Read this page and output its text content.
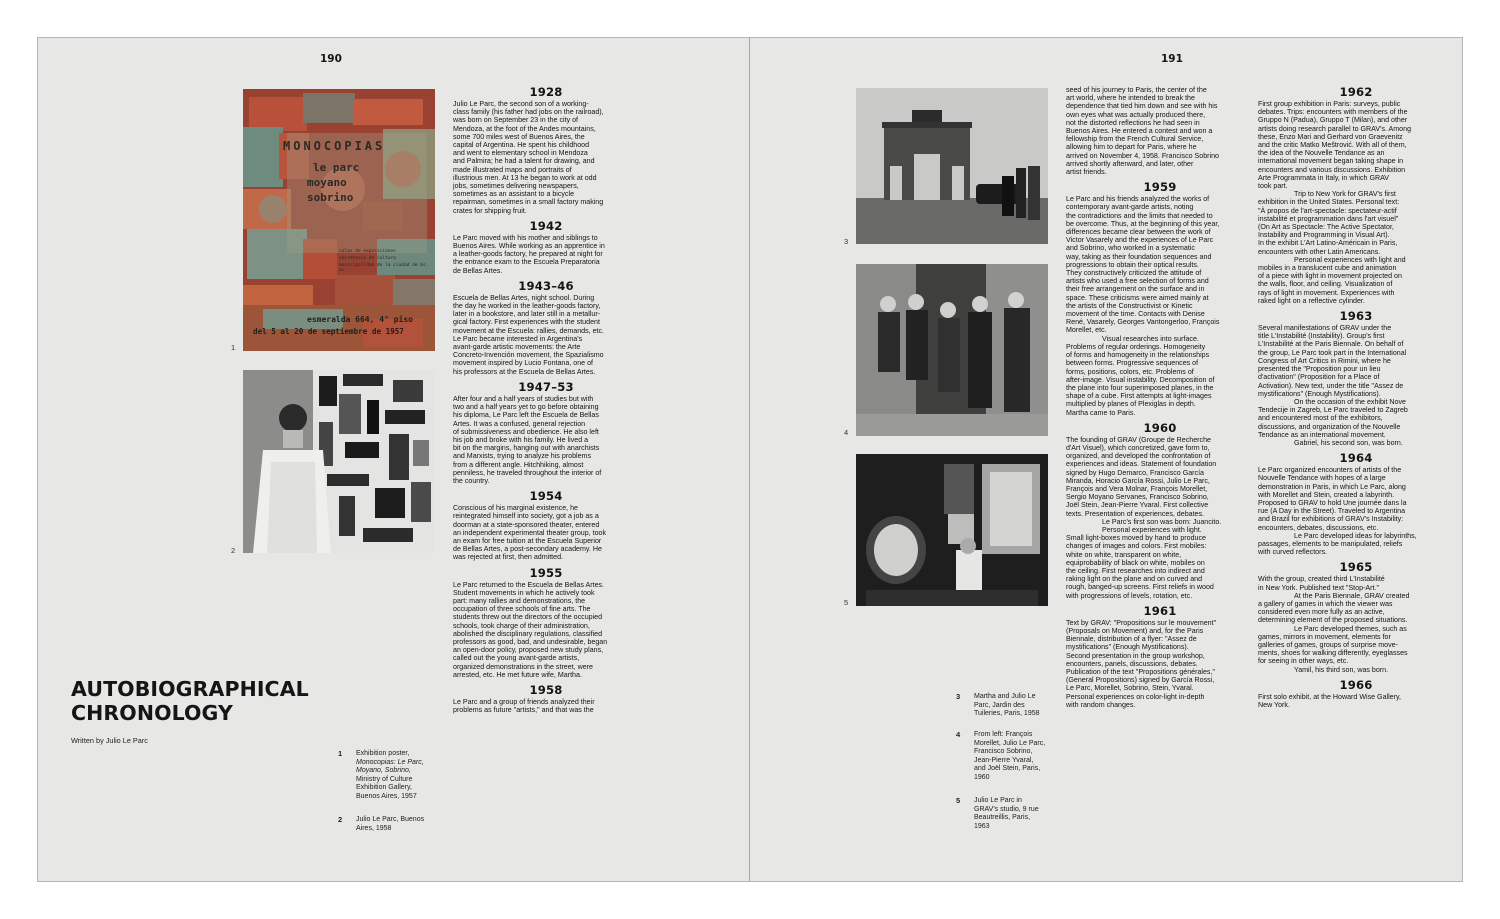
190
MONOCOPIAS
le parc
moyano
sobrino
salas de exposiciones
secretaria de cultura
municipalidad de la ciudad de bs. as.
esmeralda 664, 4° piso
del 5 al 20 de septiembre de 1957
1
2
AUTOBIOGRAPHICAL
CHRONOLOGY
Written by Julio Le Parc
1 Exhibition poster,
Monocopias: Le Parc,
Moyano, Sobrino,
Ministry of Culture
Exhibition Gallery,
Buenos Aires, 1957
2 Julio Le Parc, Buenos
Aires, 1958
1928
Julio Le Parc, the second son of a working-
class family (his father had jobs on the railroad),
was born on September 23 in the city of
Mendoza, at the foot of the Andes mountains,
some 700 miles west of Buenos Aires, the
capital of Argentina. He spent his childhood
and went to elementary school in Mendoza
and Palmira; he had a talent for drawing, and
made illustrated maps and portraits of
illustrious men. At 13 he began to work at odd
jobs, sometimes delivering newspapers,
sometimes as an assistant to a bicycle
repairman, sometimes in a small factory making
crates for shipping fruit.
1942
Le Parc moved with his mother and siblings to
Buenos Aires. While working as an apprentice in
a leather-goods factory, he prepared at night for
the entrance exam to the Escuela Preparatoria
de Bellas Artes.
1943–46
Escuela de Bellas Artes, night school. During
the day he worked in the leather-goods factory,
later in a bookstore, and later still in a metallur-
gical factory. First experiences with the student
movement at the Escuela: rallies, demands, etc.
Le Parc became interested in Argentina's
avant-garde artistic movements: the Arte
Concreto-Invención movement, the Spazialismo
movement inspired by Lucio Fontana, one of
his professors at the Escuela de Bellas Artes.
1947–53
After four and a half years of studies but with
two and a half years yet to go before obtaining
his diploma, Le Parc left the Escuela de Bellas
Artes. It was a confused, general rejection
of submissiveness and obedience. He also left
his job and broke with his family. He lived a
bit on the margins, hanging out with anarchists
and Marxists, trying to analyze his problems
from a different angle. Hitchhiking, almost
penniless, he traveled throughout the interior of
the country.
1954
Conscious of his marginal existence, he
reintegrated himself into society, got a job as a
doorman at a state-sponsored theater, entered
an independent experimental theater group, took
an exam for free tuition at the Escuela Superior
de Bellas Artes, a post-secondary academy. He
was rejected at first, then admitted.
1955
Le Parc returned to the Escuela de Bellas Artes.
Student movements in which he actively took
part: many rallies and demonstrations, the
occupation of three schools of fine arts. The
students threw out the directors of the occupied
schools, took charge of their administration,
abolished the disciplinary regulations, classified
professors as good, bad, and undesirable, began
an open-door policy, proposed new study plans,
called out the young avant-garde artists,
organized demonstrations in the street, were
arrested, etc. He met future wife, Martha.
1958
Le Parc and a group of friends analyzed their
problems as future "artists," and that was the
191
3
4
5
3 Martha and Julio Le
Parc, Jardin des
Tuileries, Paris, 1958
4 From left: François
Morellet, Julio Le Parc,
Francisco Sobrino,
Jean-Pierre Yvaral,
and Joël Stein, Paris,
1960
5 Julio Le Parc in
GRAV's studio, 9 rue
Beautreillis, Paris,
1963
seed of his journey to Paris, the center of the
art world, where he intended to break the
dependence that tied him down and see with his
own eyes what was actually produced there,
not the distorted reflections he had seen in
Buenos Aires. He entered a contest and won a
fellowship from the French Cultural Service,
allowing him to depart for Paris, where he
arrived on November 4, 1958. Francisco Sobrino
arrived shortly afterward, and later, other
artist friends.
1959
Le Parc and his friends analyzed the works of
contemporary avant-garde artists, noting
the contradictions and the limits that needed to
be overcome. Thus, at the beginning of this year,
differences became clear between the work of
Victor Vasarely and the experiences of Le Parc
and Sobrino, who worked in a systematic
way, taking as their foundation sequences and
progressions to obtain their optical results.
They constructively criticized the attitude of
artists who used a free selection of forms and
their free arrangement on the surface and in
space. These criticisms were aimed mainly at
the artists of the Constructivist or Kinetic
movement of the time. Contacts with Denise
René, Vasarely, Georges Vantongerloo, François
Morellet, etc.
Visual researches into surface.
Problems of regular orderings. Homogeneity
of forms and homogeneity in the relationships
between forms. Progressive sequences of
forms, positions, colors, etc. Problems of
after-image. Visual instability. Decomposition of
the plane into four superimposed planes, in the
shape of a cube. First attempts at light-images
multiplied by planes of Plexiglas in depth.
Martha came to Paris.
1960
The founding of GRAV (Groupe de Recherche
d'Art Visuel), which concretized, gave form to,
organized, and developed the confrontation of
experiences and ideas. Statement of foundation
signed by Hugo Demarco, Francisco García
Miranda, Horacio García Rossi, Julio Le Parc,
François and Vera Molnar, François Morellet,
Sergio Moyano Servanes, Francisco Sobrino,
Joël Stein, Jean-Pierre Yvaral. First collective
texts. Presentation of experiences, debates.
Le Parc's first son was born: Juancito.
Personal experiences with light.
Small light-boxes moved by hand to produce
changes of images and colors. First mobiles:
white on white, transparent on white,
equiprobability of black on white, mobiles on
the ceiling. First researches into indirect and
raking light on the plane and on curved and
rough, banged-up screens. First reliefs in wood
with progressions of levels, rotation, etc.
1961
Text by GRAV: "Propositions sur le mouvement"
(Proposals on Movement) and, for the Paris
Biennale, distribution of a flyer: "Assez de
mystifications" (Enough Mystifications).
Second presentation in the group workshop,
encounters, panels, discussions, debates.
Publication of the text "Propositions générales,"
(General Propositions) signed by García Rossi,
Le Parc, Morellet, Sobrino, Stein, Yvaral.
Personal experiences on color-light in-depth
with random changes.
1962
First group exhibition in Paris: surveys, public
debates. Trips: encounters with members of the
Gruppo N (Padua), Gruppo T (Milan), and other
artists doing research parallel to GRAV's. Among
these, Enzo Mari and Gerhard von Graevenitz
and the critic Matko Meštrović. With all of them,
the idea of the Nouvelle Tendance as an
international movement began taking shape in
encounters and various discussions. Exhibition
Arte Programmata in Italy, in which GRAV
took part.
Trip to New York for GRAV's first
exhibition in the United States. Personal text:
"À propos de l'art-spectacle: spectateur-actif
instabilité et programmation dans l'art visuel"
(On Art as Spectacle: The Active Spectator,
Instability and Programming in Visual Art).
In the exhibit L'Art Latino-Américain in Paris,
encounters with other Latin Americans.
Personal experiences with light and
mobiles in a translucent cube and animation
of a piece with light in movement projected on
the walls, floor, and ceiling. Visualization of
rays of light in movement. Experiences with
raked light on a reflective cylinder.
1963
Several manifestations of GRAV under the
title L'Instabilité (Instability). Group's first
L'Instabilité at the Paris Biennale. On behalf of
the group, Le Parc took part in the International
Congress of Art Critics in Rimini, where he
presented the "Proposition pour un lieu
d'activation" (Proposition for a Place of
Activation). New text, under the title "Assez de
mystifications" (Enough Mystifications).
On the occasion of the exhibit Nove
Tendecije in Zagreb, Le Parc traveled to Zagreb
and encountered most of the exhibitors,
discussions, and organization of the Nouvelle
Tendance as an international movement.
Gabriel, his second son, was born.
1964
Le Parc organized encounters of artists of the
Nouvelle Tendance with hopes of a large
demonstration in Paris, in which Le Parc, along
with Morellet and Stein, created a labyrinth.
Proposed to GRAV to hold Une journée dans la
rue (A Day in the Street). Traveled to Argentina
and Brazil for exhibitions of GRAV's Instability:
encounters, debates, discussions, etc.
Le Parc developed ideas for labyrinths,
passages, elements to be manipulated, reliefs
with curved reflectors.
1965
With the group, created third L'Instabilité
in New York. Published text "Stop-Art."
At the Paris Biennale, GRAV created
a gallery of games in which the viewer was
considered even more fully as an active,
determining element of the proposed situations.
Le Parc developed themes, such as
games, mirrors in movement, elements for
galleries of games, groups of surprise move-
ments, shoes for walking differently, eyeglasses
for seeing in other ways, etc.
Yamil, his third son, was born.
1966
First solo exhibit, at the Howard Wise Gallery,
New York.
